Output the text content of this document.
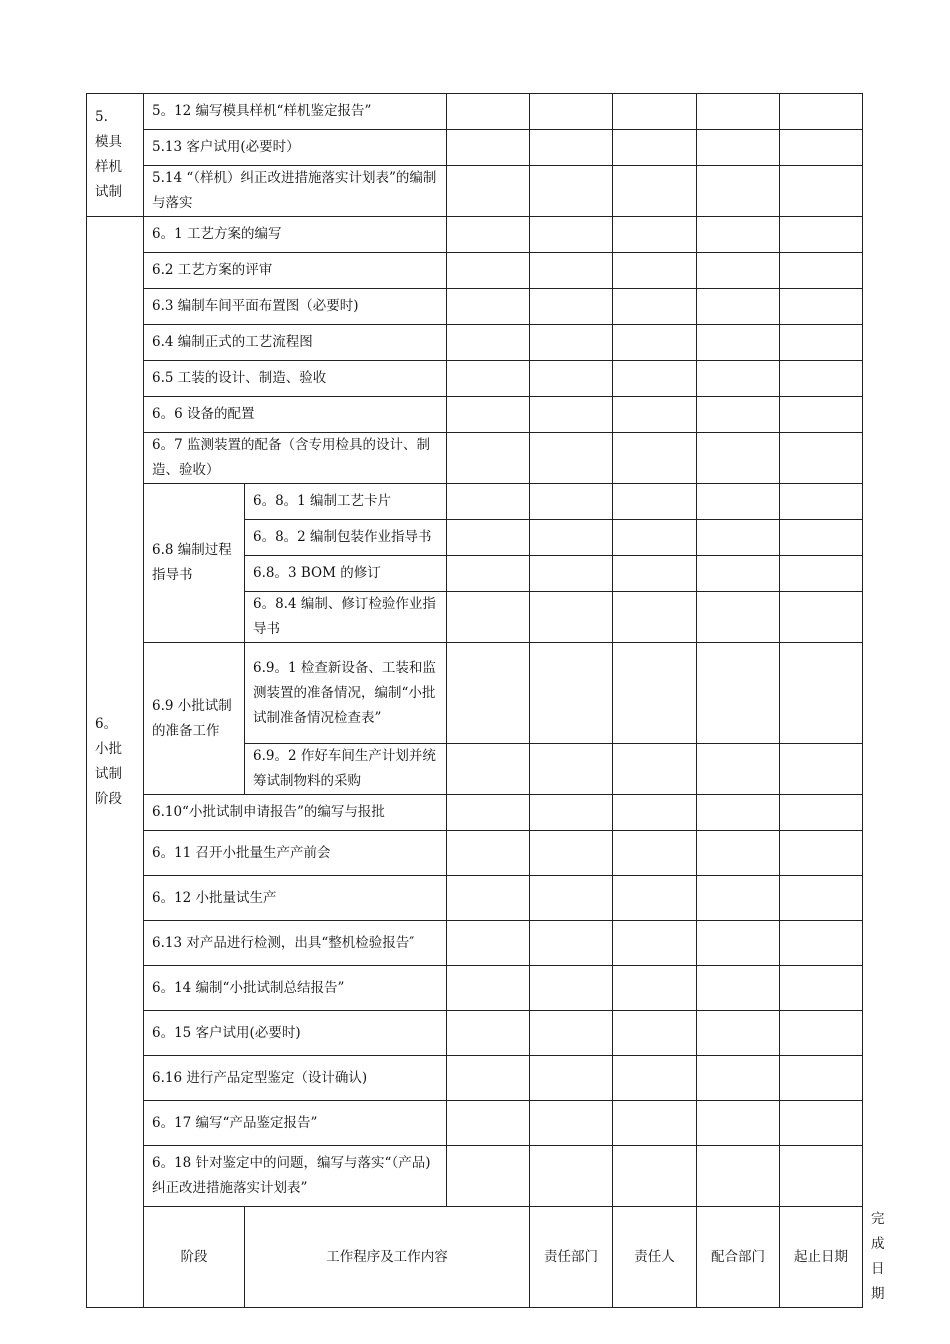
5.
模具
样机
试制	5。12 编写模具样机“样机鉴定报告”							
	5.13 客户试用(必要时）							
	5.14 “（样机）纠正改进措施落实计划表”的编制与落实							

6。
小批
试制
阶段	6。1 工艺方案的编写							
	6.2 工艺方案的评审							
	6.3 编制车间平面布置图（必要时)							
	6.4 编制正式的工艺流程图							
	6.5 工装的设计、制造、验收							
	6。6 设备的配置							
	6。7 监测装置的配备（含专用检具的设计、制造、验收）							
	6.8 编制过程指导书	6。8。1 编制工艺卡片						
		6。8。2 编制包装作业指导书						
		6.8。3 BOM 的修订						
		6。8.4 编制、修订检验作业指导书						
	6.9 小批试制的准备工作	6.9。1 检查新设备、工装和监测装置的准备情况，编制“小批试制准备情况检查表”						
		6.9。2 作好车间生产计划并统筹试制物料的采购						
	6.10“小批试制申请报告”的编写与报批							
	6。11 召开小批量生产产前会							
	6。12 小批量试生产							
	6.13 对产品进行检测，出具“整机检验报告″							
	6。14 编制“小批试制总结报告”							
	6。15 客户试用(必要时)							
	6.16 进行产品定型鉴定（设计确认)							
	6。17 编写“产品鉴定报告”							
	6。18 针对鉴定中的问题，编写与落实“（产品)纠正改进措施落实计划表”							
	阶段	工作程序及工作内容		责任部门	责任人	配合部门	起止日期	完成日期
